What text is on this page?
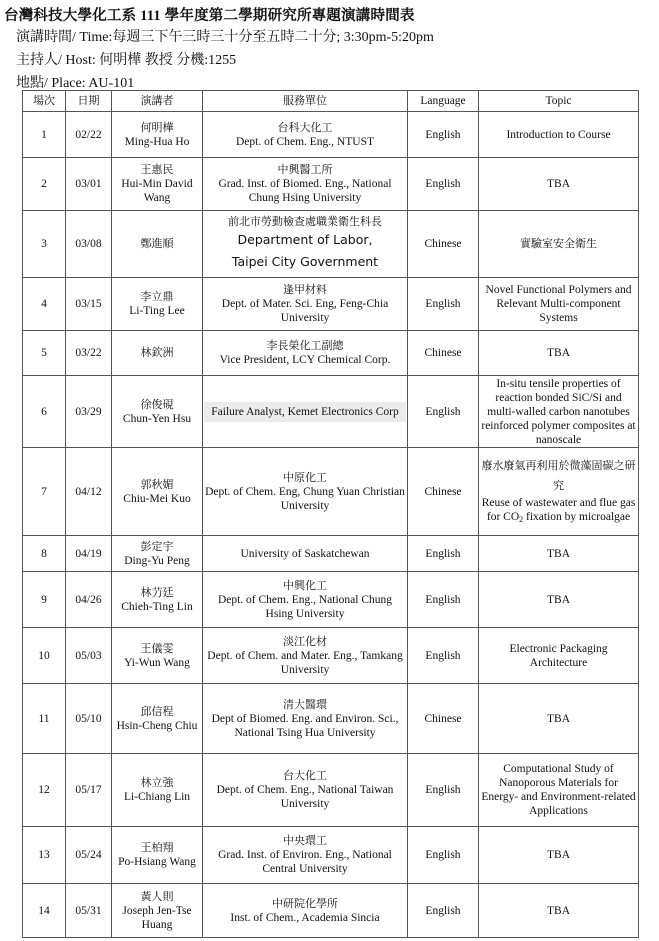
台灣科技大學化工系 111 學年度第二學期研究所專題演講時間表
演講時間/ Time:每週三下午三時三十分至五時二十分; 3:30pm-5:20pm
主持人/ Host: 何明樺 教授 分機:1255
地點/ Place: AU-101
場次	日期	演講者	服務單位	Language	Topic
1	02/22	何明樺
Ming-Hua Ho	台科大化工
Dept. of Chem. Eng., NTUST	English	Introduction to Course
2	03/01	王惠民
Hui-Min David Wang	中興醫工所
Grad. Inst. of Biomed. Eng., National Chung Hsing University	English	TBA
3	03/08	鄭進順	前北市勞動檢查處職業衛生科長
Department of Labor,
Taipei City Government	Chinese	實驗室安全衛生

4	03/15	李立鼎
Li-Ting Lee	逢甲材料
Dept. of Mater. Sci. Eng, Feng-Chia University	English	Novel Functional Polymers and Relevant Multi-component Systems
5	03/22	林欽洲	李長榮化工副總
Vice President, LCY Chemical Corp.	Chinese	TBA
6	03/29	徐俊硯
Chun-Yen Hsu	Failure Analyst, Kemet Electronics Corp	English	In-situ tensile properties of reaction bonded SiC/Si and multi-walled carbon nanotubes reinforced polymer composites at nanoscale
7	04/12	郭秋媚
Chiu-Mei Kuo	中原化工
Dept. of Chem. Eng, Chung Yuan Christian University	Chinese	廢水廢氣再利用於微藻固碳之研究
Reuse of wastewater and flue gas for $CO_2$ fixation by microalgae

8	04/19	彭定宇
Ding-Yu Peng	University of Saskatchewan	English	TBA
9	04/26	林芀廷
Chieh-Ting Lin	中興化工
Dept. of Chem. Eng., National Chung Hsing University	English	TBA
10	05/03	王儀雯
Yi-Wun Wang	淡江化材
Dept. of Chem. and Mater. Eng., Tamkang University	English	Electronic Packaging Architecture
11	05/10	邱信程
Hsin-Cheng Chiu	清大醫環
Dept of Biomed. Eng. and Environ. Sci., National Tsing Hua University	Chinese	TBA
12	05/17	林立強
Li-Chiang Lin	台大化工
Dept. of Chem. Eng., National Taiwan University	English	Computational Study of Nanoporous Materials for Energy- and Environment-related Applications
13	05/24	王柏翔
Po-Hsiang Wang	中央環工
Grad. Inst. of Environ. Eng., National Central University	English	TBA
14	05/31	黃人則
Joseph Jen-Tse Huang	中研院化學所
Inst. of Chem., Academia Sincia	English	TBA
